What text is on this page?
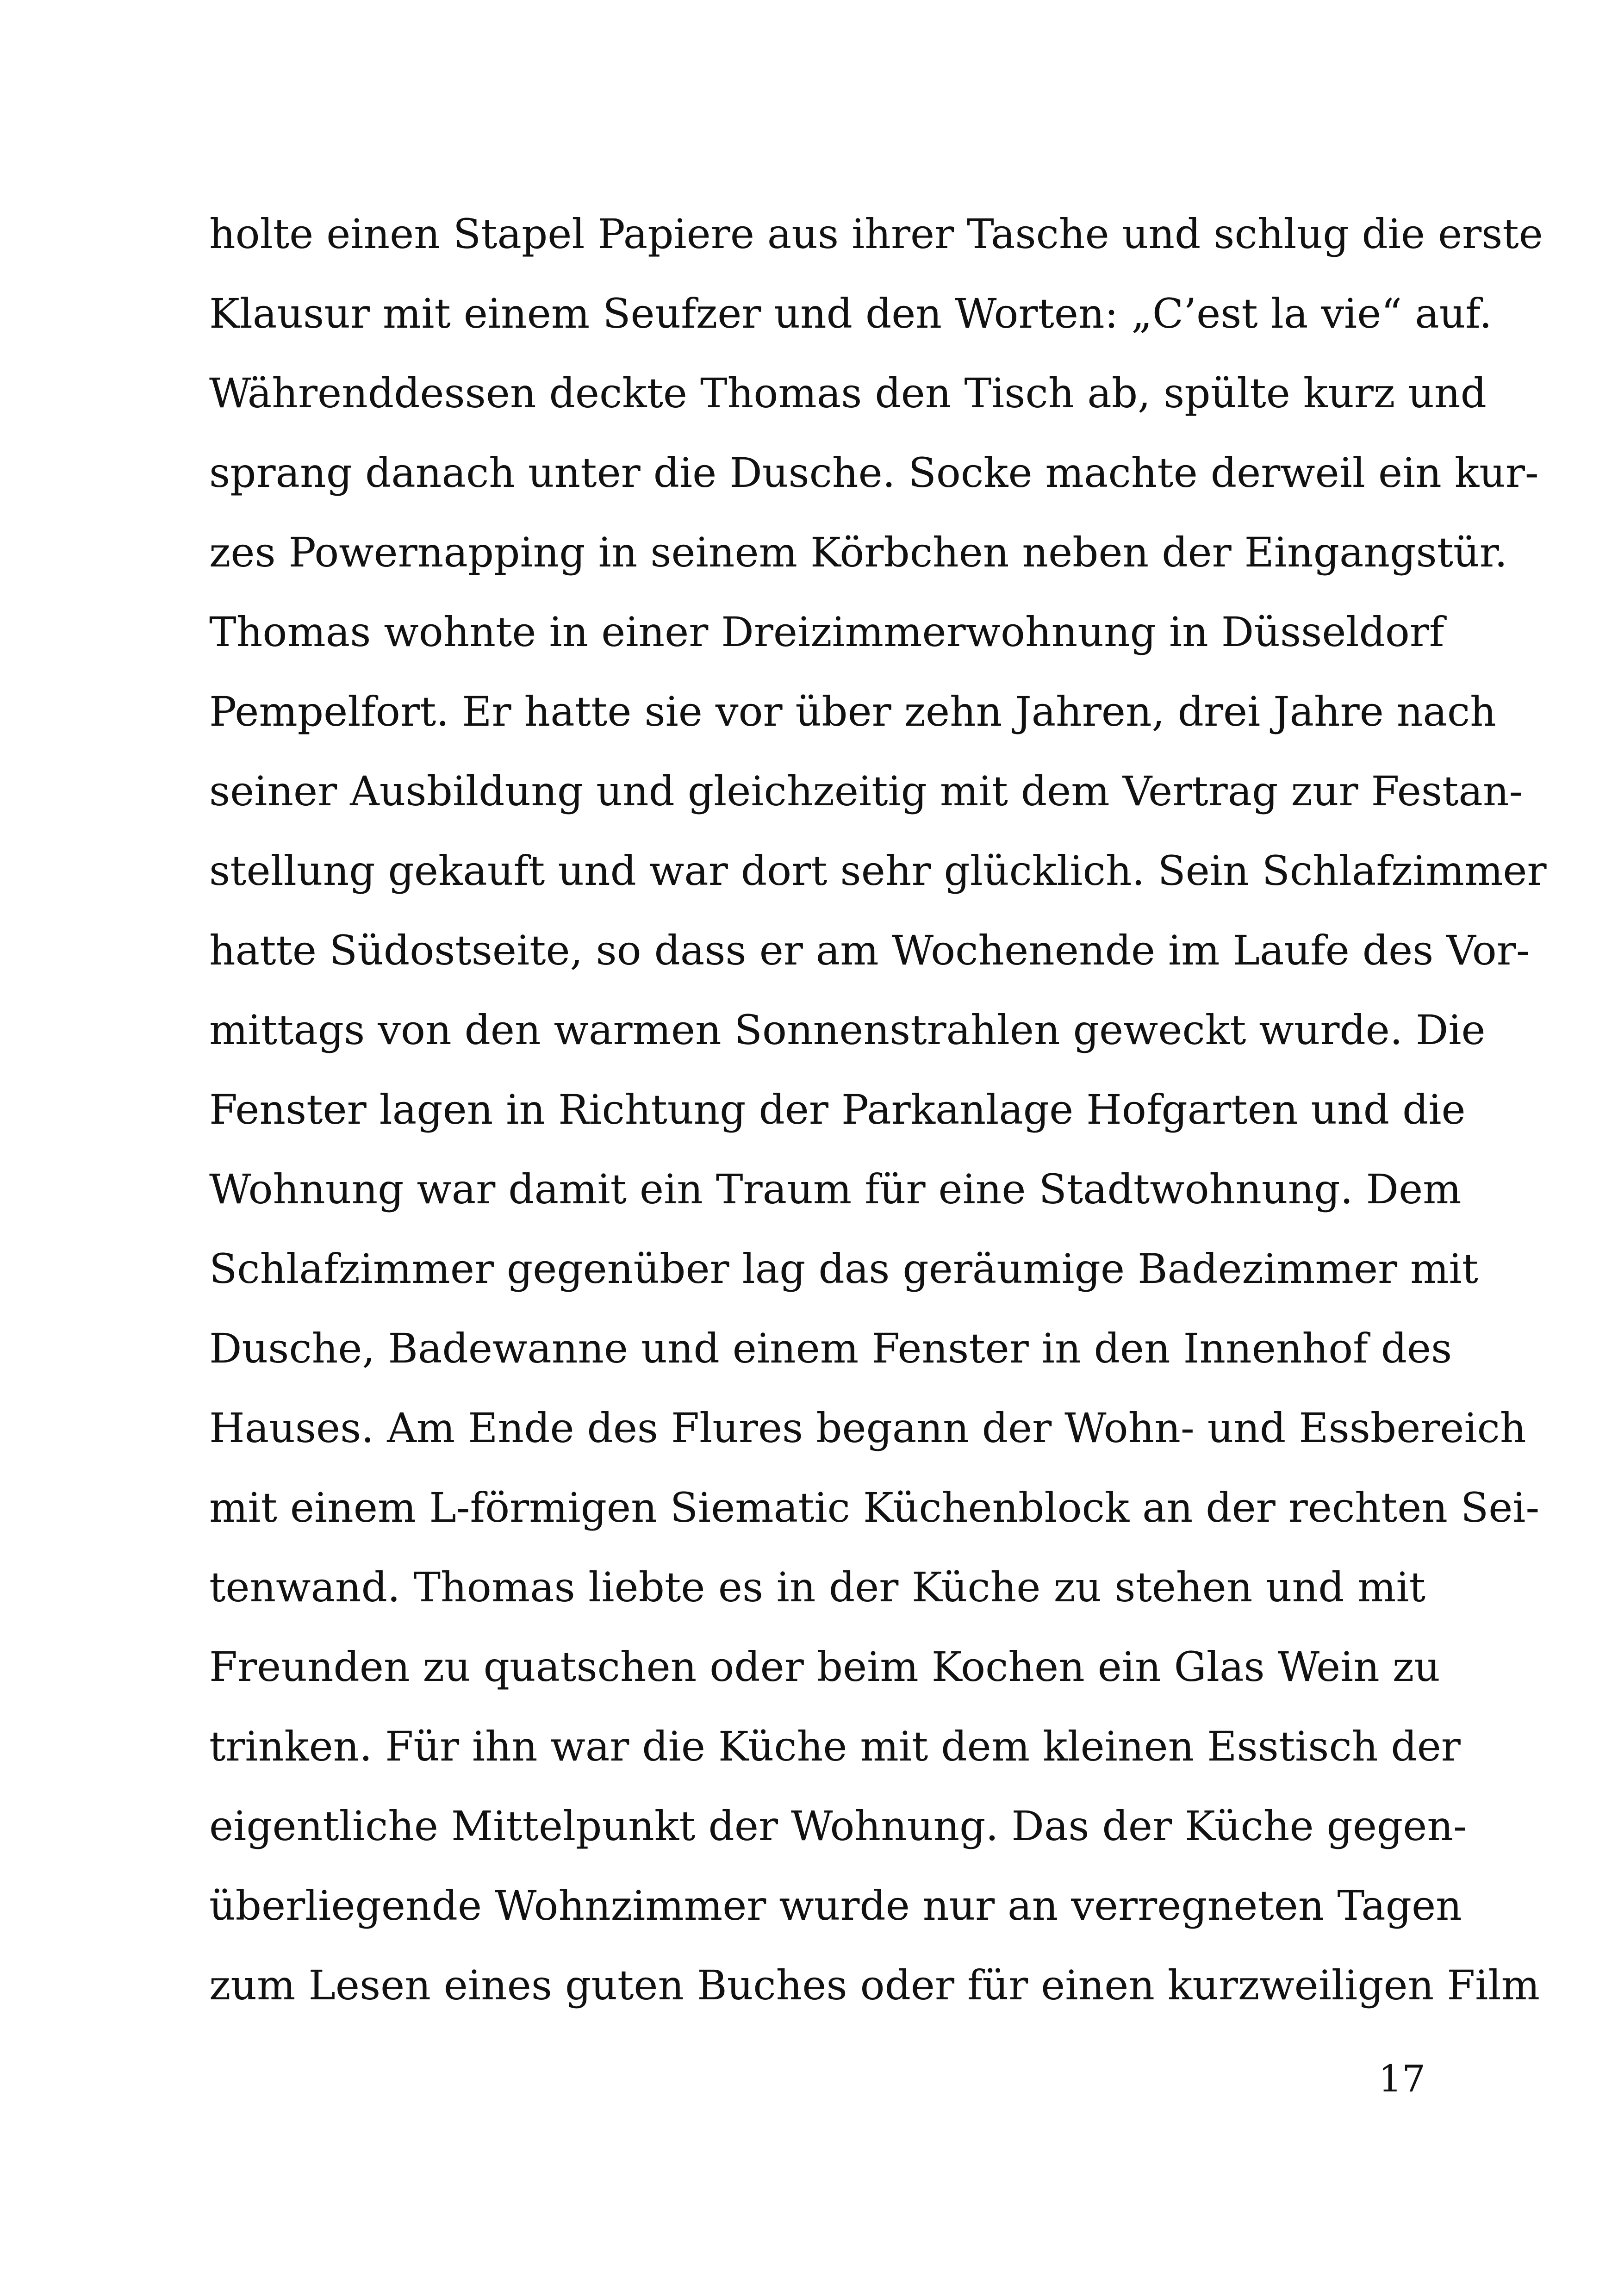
holte einen Stapel Papiere aus ihrer Tasche und schlug die erste
Klausur mit einem Seufzer und den Worten: „C’est la vie“ auf.
Währenddessen deckte Thomas den Tisch ab, spülte kurz und
sprang danach unter die Dusche. Socke machte derweil ein kur-
zes Powernapping in seinem Körbchen neben der Eingangstür.
Thomas wohnte in einer Dreizimmerwohnung in Düsseldorf
Pempelfort. Er hatte sie vor über zehn Jahren, drei Jahre nach
seiner Ausbildung und gleichzeitig mit dem Vertrag zur Festan-
stellung gekauft und war dort sehr glücklich. Sein Schlafzimmer
hatte Südostseite, so dass er am Wochenende im Laufe des Vor-
mittags von den warmen Sonnenstrahlen geweckt wurde. Die
Fenster lagen in Richtung der Parkanlage Hofgarten und die
Wohnung war damit ein Traum für eine Stadtwohnung. Dem
Schlafzimmer gegenüber lag das geräumige Badezimmer mit
Dusche, Badewanne und einem Fenster in den Innenhof des
Hauses. Am Ende des Flures begann der Wohn- und Essbereich
mit einem L-förmigen Siematic Küchenblock an der rechten Sei-
tenwand. Thomas liebte es in der Küche zu stehen und mit
Freunden zu quatschen oder beim Kochen ein Glas Wein zu
trinken. Für ihn war die Küche mit dem kleinen Esstisch der
eigentliche Mittelpunkt der Wohnung. Das der Küche gegen-
überliegende Wohnzimmer wurde nur an verregneten Tagen
zum Lesen eines guten Buches oder für einen kurzweiligen Film
17
